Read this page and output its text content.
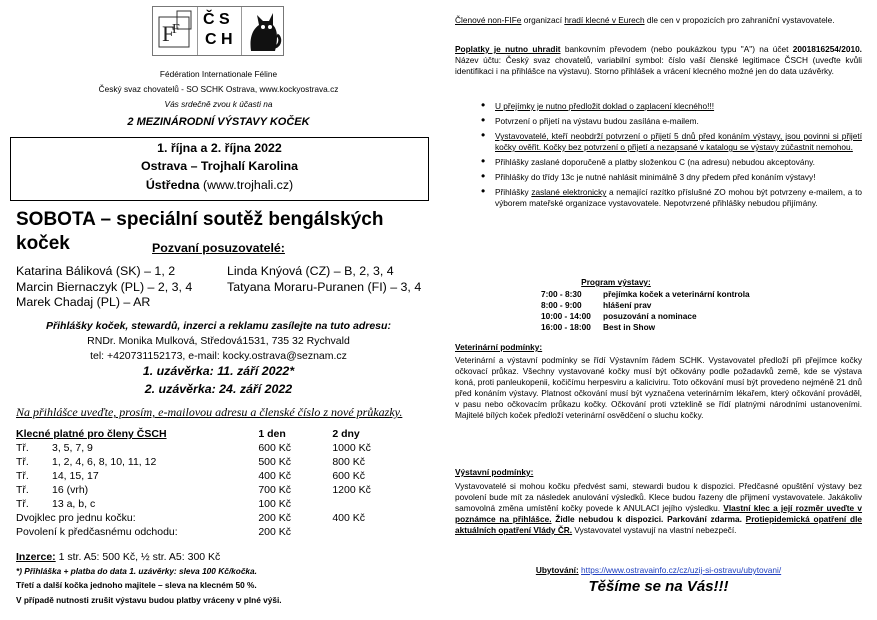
F
F
Č S
C H
Fédération Internationale Féline
Český svaz chovatelů - SO SCHK Ostrava, www.kockyostrava.cz
Vás srdečně zvou k účasti na
2 MEZINÁRODNÍ VÝSTAVY KOČEK
1. října a 2. října 2022
Ostrava – Trojhalí Karolina
Ústředna (www.trojhali.cz)
SOBOTA – speciální soutěž bengálských koček	Pozvaní posuzovatelé:
Katarina Báliková (SK) – 1, 2
Marcin Biernaczyk (PL) – 2, 3, 4
Marek Chadaj (PL) – AR
Linda Knýová (CZ) – B, 2, 3, 4
Tatyana Moraru-Puranen (FI) – 3, 4
Přihlášky koček, stewardů, inzerci a reklamu zasílejte na tuto adresu:
RNDr. Monika Mulková, Středová1531, 735 32 Rychvald
tel: +420731152173, e-mail: kocky.ostrava@seznam.cz
1. uzávěrka: 11. září 2022*
2. uzávěrka: 24. září 2022
Na přihlášce uveďte, prosím, e-mailovou adresu a členské číslo z nové průkazky.
Klecné platné pro členy ČSCH		1 den	2 dny
Tř.	3, 5, 7, 9	600 Kč	1000 Kč
Tř.	1, 2, 4, 6, 8, 10, 11, 12	500 Kč	800 Kč
Tř.	14, 15, 17	400 Kč	600 Kč
Tř.	16 (vrh)	700 Kč	1200 Kč
Tř.	13 a, b, c	100 Kč	
Dvojklec pro jednu kočku:		200 Kč	400 Kč
Povolení k předčasnému odchodu:		200 Kč	
Inzerce: 1 str. A5: 500 Kč, ½ str. A5: 300 Kč
*) Přihláška + platba do data 1. uzávěrky: sleva 100 Kč/kočka.
Třetí a další kočka jednoho majitele – sleva na klecném 50 %.
V případě nutnosti zrušit výstavu budou platby vráceny v plné výši.
Členové non-FIFe organizací hradí klecné v Eurech dle cen v propozicích pro zahraniční vystavovatele.
Poplatky je nutno uhradit bankovním převodem (nebo poukázkou typu "A") na účet 2001816254/2010. Název účtu: Český svaz chovatelů, variabilní symbol: číslo vaší členské legitimace ČSCH (uveďte kvůli identifikaci i na přihlášce na výstavu). Storno přihlášek a vrácení klecného možné jen do data uzávěrky.
• U přejímky je nutno předložit doklad o zaplacení klecného!!!
• Potvrzení o přijetí na výstavu budou zasílána e-mailem.
• Vystavovatelé, kteří neobdrží potvrzení o přijetí 5 dnů před konáním výstavy, jsou povinni si přijetí kočky ověřit. Kočky bez potvrzení o přijetí a nezapsané v katalogu se výstavy zúčastnit nemohou.
• Přihlášky zaslané doporučeně a platby složenkou C (na adresu) nebudou akceptovány.
• Přihlášky do třídy 13c je nutné nahlásit minimálně 3 dny předem před konáním výstavy!
• Přihlášky zaslané elektronicky a nemající razítko příslušné ZO mohou být potvrzeny e-mailem, a to výborem mateřské organizace vystavovatele. Nepotvrzené přihlášky nebudou přijímány.
Program výstavy:
7:00 - 8:30	přejímka koček a veterinární kontrola
8:00 - 9:00	hlášení prav
10:00 - 14:00	posuzování a nominace
16:00 - 18:00	Best in Show
Veterinární podmínky:
Veterinární a výstavní podmínky se řídí Výstavním řádem SCHK. Vystavovatel předloží při přejímce kočky očkovací průkaz. Všechny vystavované kočky musí být očkovány podle požadavků země, kde se výstava koná, proti panleukopenii, kočičímu herpesviru a kaliciviru. Toto očkování musí být provedeno nejméně 21 dnů před konáním výstavy. Platnost očkování musí být vyznačena veterinárním lékařem, který očkování prováděl, v pasu nebo očkovacím průkazu kočky. Očkování proti vzteklině se řídí platnými národními ustanoveními. Majitelé bílých koček předloží veterinární osvědčení o sluchu kočky.
Výstavní podmínky:
Vystavovatelé si mohou kočku předvést sami, stewardi budou k dispozici. Předčasné opuštění výstavy bez povolení bude mít za následek anulování výsledků. Klece budou řazeny dle přijmení vystavovatele. Jakákoliv samovolná změna umístění kočky povede k ANULACI jejího výsledku. Vlastní klec a její rozměr uveďte v poznámce na přihlášce. Židle nebudou k dispozici. Parkování zdarma. Protiepidemická opatření dle aktuálních opatření Vlády ČR. Vystavovatel vystavují na vlastní nebezpečí.
Ubytování: https://www.ostravainfo.cz/cz/uzij-si-ostravu/ubytovani/
Těšíme se na Vás!!!
